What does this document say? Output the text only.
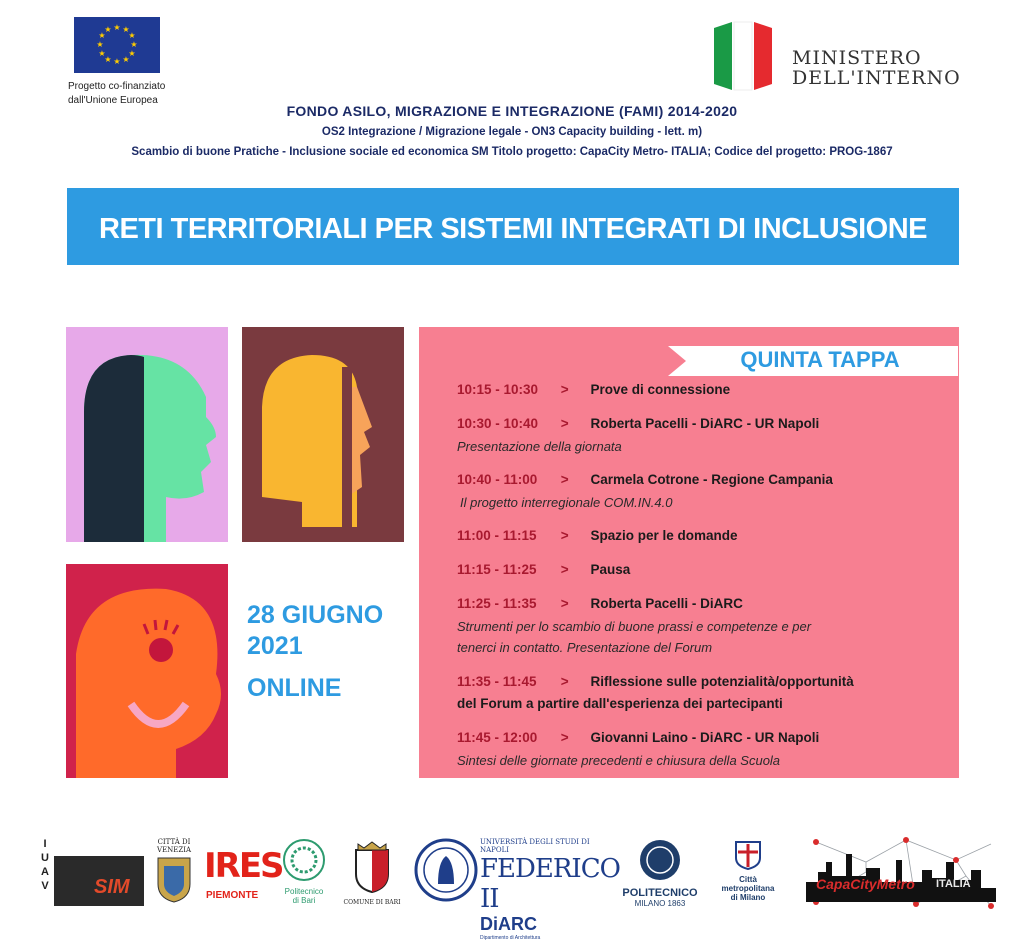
★ ★
★
★
★
★
★
★
★
★
★
★
Progetto co-finanziato
dall'Unione Europea
MINISTERO
DELL'INTERNO
FONDO ASILO, MIGRAZIONE E INTEGRAZIONE (FAMI) 2014-2020
OS2 Integrazione / Migrazione legale - ON3 Capacity building - lett. m)
Scambio di buone Pratiche - Inclusione sociale ed economica SM Titolo progetto: CapaCity Metro- ITALIA; Codice del progetto: PROG-1867
RETI TERRITORIALI PER SISTEMI INTEGRATI DI INCLUSIONE
28 GIUGNO
2021
ONLINE
QUINTA TAPPA
10:15 - 10:30 > Prove di connessione
10:30 - 10:40 > Roberta Pacelli - DiARC - UR Napoli
Presentazione della giornata
10:40 - 11:00 > Carmela Cotrone - Regione Campania
Il progetto interregionale COM.IN.4.0
11:00 - 11:15 > Spazio per le domande
11:15 - 11:25 > Pausa
11:25 - 11:35 > Roberta Pacelli - DiARC
Strumenti per lo scambio di buone prassi e competenze e per
tenerci in contatto. Presentazione del Forum
11:35 - 11:45 > Riflessione sulle potenzialità/opportunità
del Forum a partire dall'esperienza dei partecipanti
11:45 - 12:00 > Giovanni Laino - DiARC - UR Napoli
Sintesi delle giornate precedenti e chiusura della Scuola
IUAV SIM
CITTÀ DI VENEZIA IRES
PIEMONTE	Politecnico
di Bari	COMUNE DI BARI
UNIVERSITÀ DEGLI STUDI DI NAPOLI
FEDERICO II
DiARC
Dipartimento di Architettura
POLITECNICO
MILANO 1863
Città
metropolitana
di Milano
CapaCityMetro ITALIA
